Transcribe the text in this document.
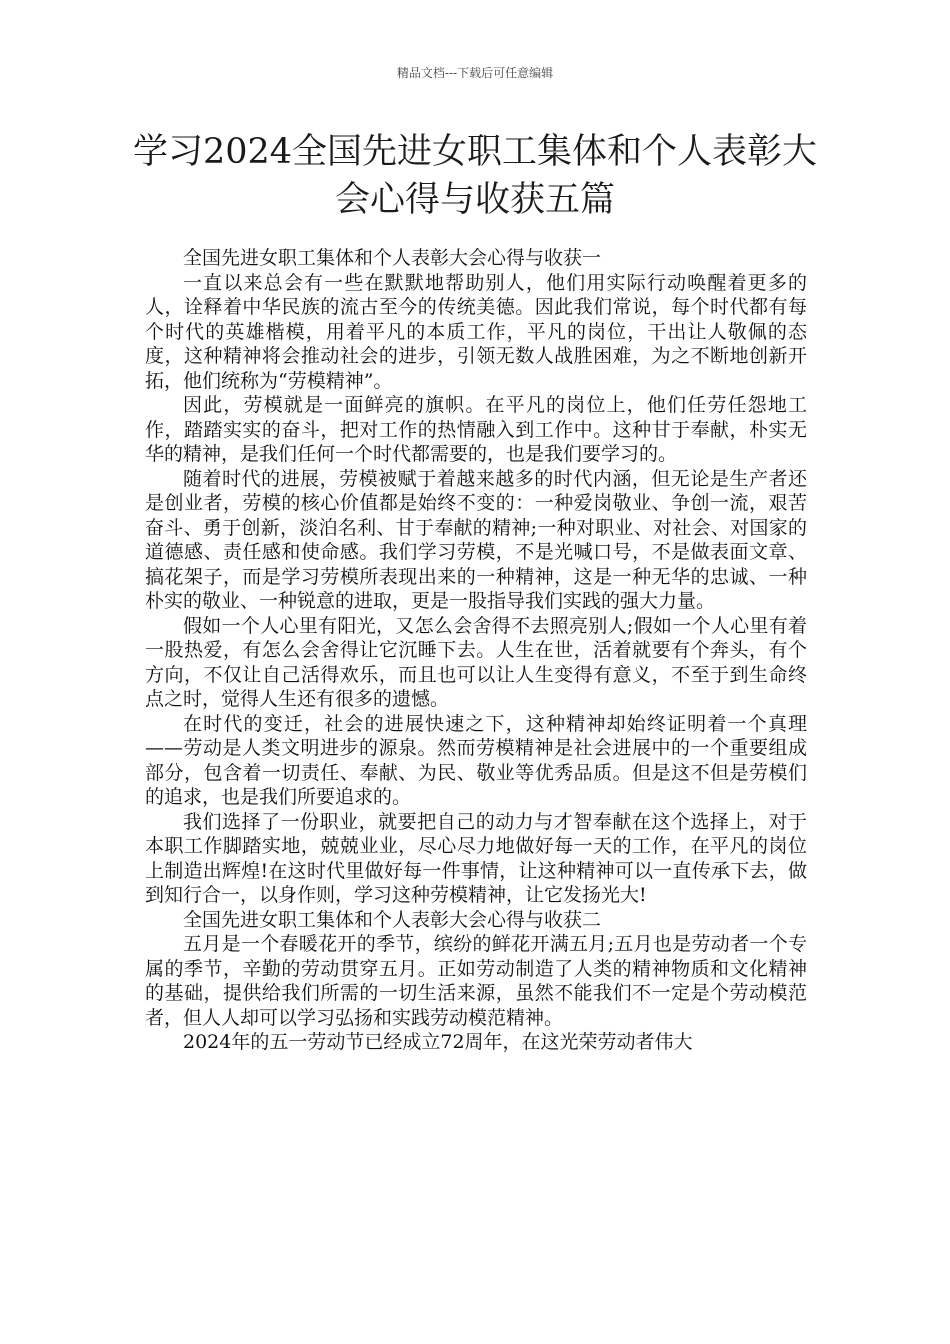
精品文档---下载后可任意编辑
学习2024全国先进女职工集体和个人表彰大会心得与收获五篇

全国先进女职工集体和个人表彰大会心得与收获一

一直以来总会有一些在默默地帮助别人，他们用实际行动唤醒着更多的人，诠释着中华民族的流古至今的传统美德。因此我们常说，每个时代都有每个时代的英雄楷模，用着平凡的本质工作，平凡的岗位，干出让人敬佩的态度，这种精神将会推动社会的进步，引领无数人战胜困难，为之不断地创新开拓，他们统称为“劳模精神”。

因此，劳模就是一面鲜亮的旗帜。在平凡的岗位上，他们任劳任怨地工作，踏踏实实的奋斗，把对工作的热情融入到工作中。这种甘于奉献，朴实无华的精神，是我们任何一个时代都需要的，也是我们要学习的。

随着时代的进展，劳模被赋于着越来越多的时代内涵，但无论是生产者还是创业者，劳模的核心价值都是始终不变的：一种爱岗敬业、争创一流，艰苦奋斗、勇于创新，淡泊名利、甘于奉献的精神;一种对职业、对社会、对国家的道德感、责任感和使命感。我们学习劳模，不是光喊口号，不是做表面文章、搞花架子，而是学习劳模所表现出来的一种精神，这是一种无华的忠诚、一种朴实的敬业、一种锐意的进取，更是一股指导我们实践的强大力量。

假如一个人心里有阳光，又怎么会舍得不去照亮别人;假如一个人心里有着一股热爱，有怎么会舍得让它沉睡下去。人生在世，活着就要有个奔头，有个方向，不仅让自己活得欢乐，而且也可以让人生变得有意义，不至于到生命终点之时，觉得人生还有很多的遗憾。

在时代的变迁，社会的进展快速之下，这种精神却始终证明着一个真理——劳动是人类文明进步的源泉。然而劳模精神是社会进展中的一个重要组成部分，包含着一切责任、奉献、为民、敬业等优秀品质。但是这不但是劳模们的追求，也是我们所要追求的。

我们选择了一份职业，就要把自己的动力与才智奉献在这个选择上，对于本职工作脚踏实地，兢兢业业，尽心尽力地做好每一天的工作，在平凡的岗位上制造出辉煌!在这时代里做好每一件事情，让这种精神可以一直传承下去，做到知行合一，以身作则，学习这种劳模精神，让它发扬光大!

全国先进女职工集体和个人表彰大会心得与收获二

五月是一个春暖花开的季节，缤纷的鲜花开满五月;五月也是劳动者一个专属的季节，辛勤的劳动贯穿五月。正如劳动制造了人类的精神物质和文化精神的基础，提供给我们所需的一切生活来源，虽然不能我们不一定是个劳动模范者，但人人却可以学习弘扬和实践劳动模范精神。

2024年的五一劳动节已经成立72周年，在这光荣劳动者伟大
